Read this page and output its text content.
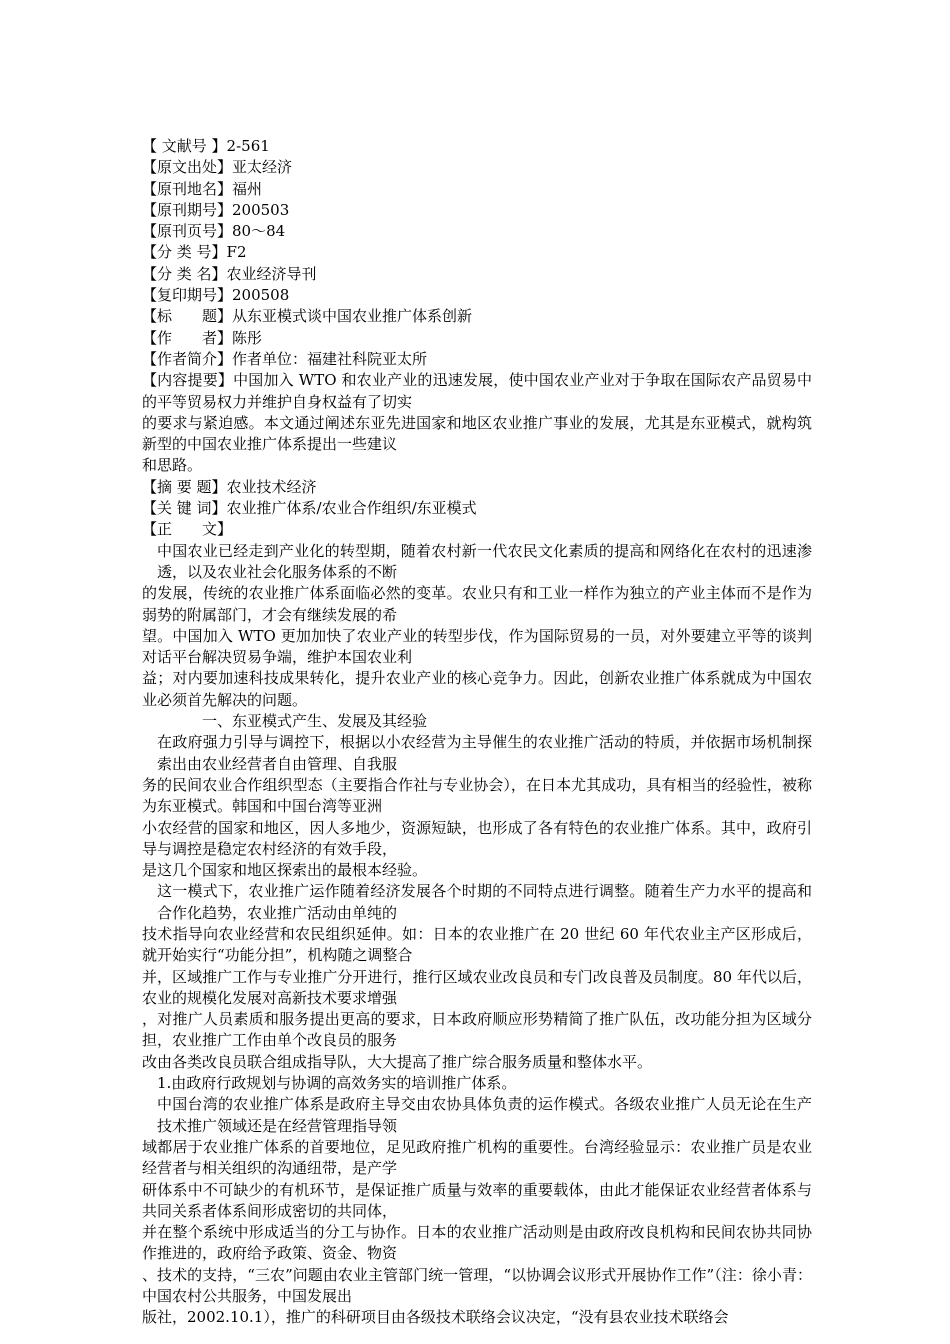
【 文献号 】2-561
【原文出处】亚太经济
【原刊地名】福州
【原刊期号】200503
【原刊页号】80～84
【分 类 号】F2
【分 类 名】农业经济导刊
【复印期号】200508
【标　　题】从东亚模式谈中国农业推广体系创新
【作　　者】陈彤
【作者简介】作者单位：福建社科院亚太所
【内容提要】中国加入 WTO 和农业产业的迅速发展，使中国农业产业对于争取在国际农产品贸易中的平等贸易权力并维护自身权益有了切实
的要求与紧迫感。本文通过阐述东亚先进国家和地区农业推广事业的发展，尤其是东亚模式，就构筑新型的中国农业推广体系提出一些建议
和思路。
【摘 要 题】农业技术经济
【关 键 词】农业推广体系/农业合作组织/东亚模式
【正　　文】
中国农业已经走到产业化的转型期，随着农村新一代农民文化素质的提高和网络化在农村的迅速渗透，以及农业社会化服务体系的不断
的发展，传统的农业推广体系面临必然的变革。农业只有和工业一样作为独立的产业主体而不是作为弱势的附属部门，才会有继续发展的希
望。中国加入 WTO 更加加快了农业产业的转型步伐，作为国际贸易的一员，对外要建立平等的谈判对话平台解决贸易争端，维护本国农业利
益；对内要加速科技成果转化，提升农业产业的核心竞争力。因此，创新农业推广体系就成为中国农业必须首先解决的问题。
一、东亚模式产生、发展及其经验
在政府强力引导与调控下，根据以小农经营为主导催生的农业推广活动的特质，并依据市场机制探索出由农业经营者自由管理、自我服
务的民间农业合作组织型态（主要指合作社与专业协会），在日本尤其成功，具有相当的经验性，被称为东亚模式。韩国和中国台湾等亚洲
小农经营的国家和地区，因人多地少，资源短缺，也形成了各有特色的农业推广体系。其中，政府引导与调控是稳定农村经济的有效手段，
是这几个国家和地区探索出的最根本经验。
这一模式下，农业推广运作随着经济发展各个时期的不同特点进行调整。随着生产力水平的提高和合作化趋势，农业推广活动由单纯的
技术指导向农业经营和农民组织延伸。如：日本的农业推广在 20 世纪 60 年代农业主产区形成后，就开始实行“功能分担”，机构随之调整合
并，区域推广工作与专业推广分开进行，推行区域农业改良员和专门改良普及员制度。80 年代以后，农业的规模化发展对高新技术要求增强
，对推广人员素质和服务提出更高的要求，日本政府顺应形势精简了推广队伍，改功能分担为区域分担，农业推广工作由单个改良员的服务
改由各类改良员联合组成指导队，大大提高了推广综合服务质量和整体水平。
1.由政府行政规划与协调的高效务实的培训推广体系。
中国台湾的农业推广体系是政府主导交由农协具体负责的运作模式。各级农业推广人员无论在生产技术推广领域还是在经营管理指导领
域都居于农业推广体系的首要地位，足见政府推广机构的重要性。台湾经验显示：农业推广员是农业经营者与相关组织的沟通纽带，是产学
研体系中不可缺少的有机环节，是保证推广质量与效率的重要载体，由此才能保证农业经营者体系与共同关系者体系间形成密切的共同体，
并在整个系统中形成适当的分工与协作。日本的农业推广活动则是由政府改良机构和民间农协共同协作推进的，政府给予政策、资金、物资
、技术的支持，“三农”问题由农业主管部门统一管理，“以协调会议形式开展协作工作”（注：徐小青：中国农村公共服务，中国发展出
版社，2002.10.1），推广的科研项目由各级技术联络会议决定，“没有县农业技术联络会
